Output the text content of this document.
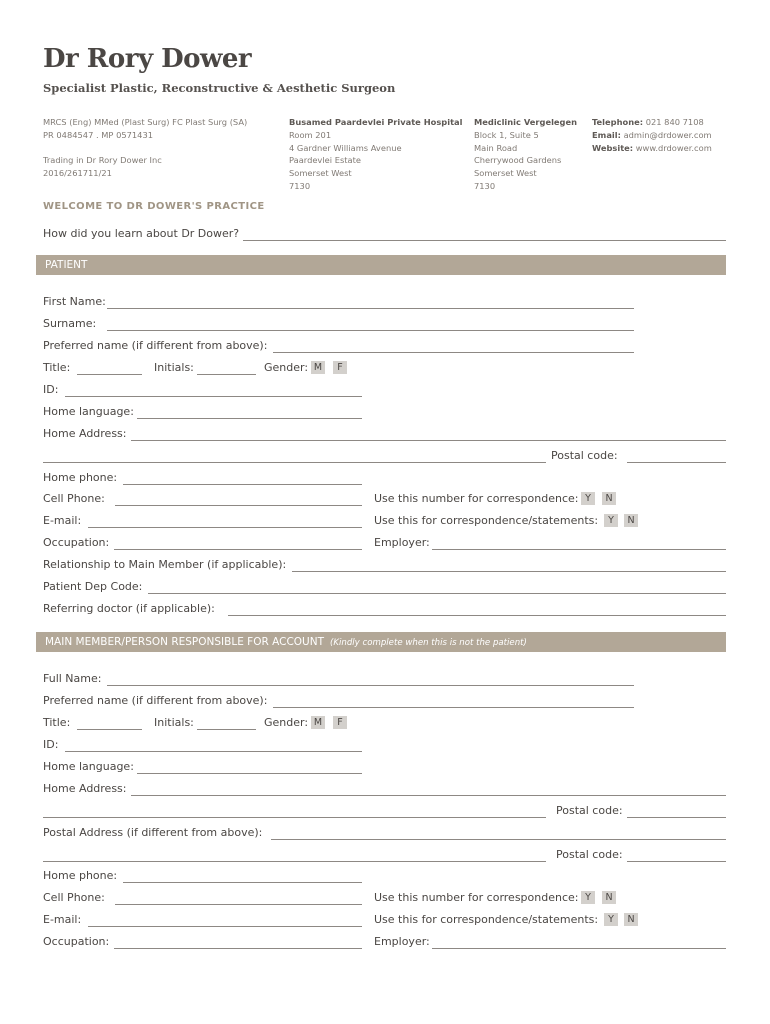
Dr Rory Dower
Specialist Plastic, Reconstructive & Aesthetic Surgeon
MRCS (Eng) MMed (Plast Surg) FC Plast Surg (SA)
PR 0484547 . MP 0571431
Trading in Dr Rory Dower Inc
2016/261711/21
Busamed Paardevlei Private Hospital
Room 201
4 Gardner Williams Avenue
Paardevlei Estate
Somerset West
7130
Mediclinic Vergelegen
Block 1, Suite 5
Main Road
Cherrywood Gardens
Somerset West
7130
Telephone: 021 840 7108
Email: admin@drdower.com
Website: www.drdower.com
WELCOME TO DR DOWER'S PRACTICE
How did you learn about Dr Dower?
PATIENT
First Name:
Surname:
Preferred name (if different from above):
Title:	Initials:	Gender: M	F
ID:
Home language:
Home Address:
Postal code:
Home phone:
Cell Phone:	Use this number for correspondence: Y	N
E-mail:	Use this for correspondence/statements:	Y	N
Occupation:	Employer:
Relationship to Main Member (if applicable):
Patient Dep Code:
Referring doctor (if applicable):
MAIN MEMBER/PERSON RESPONSIBLE FOR ACCOUNT (Kindly complete when this is not the patient)
Full Name:
Preferred name (if different from above):
Title:	Initials:	Gender: M	F
ID:
Home language:
Home Address:
Postal code:
Postal Address (if different from above):
Postal code:
Home phone:
Cell Phone:	Use this number for correspondence: Y	N
E-mail:	Use this for correspondence/statements:	Y	N
Occupation:	Employer:
